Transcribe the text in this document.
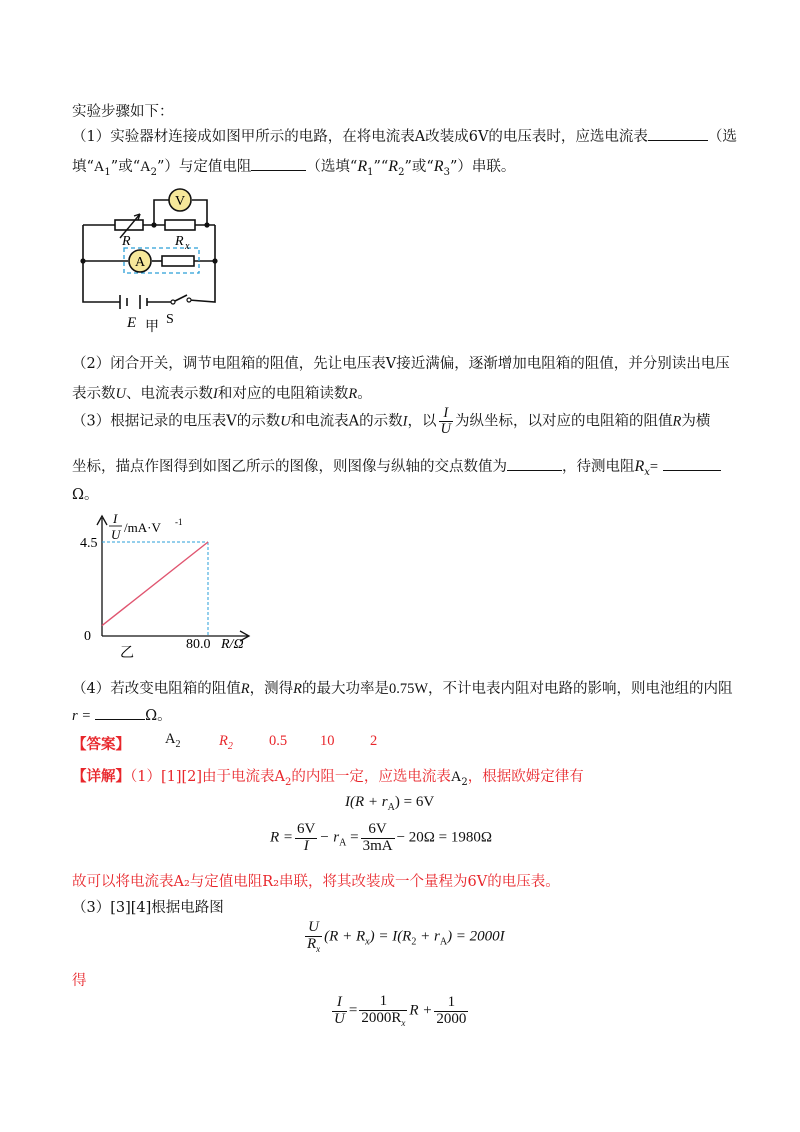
实验步骤如下：
（1）实验器材连接成如图甲所示的电路，在将电流表A改装成6V的电压表时，应选电流表	（选
填“$A_1$”或“$A_2$”）与定值电阻	（选填“$R_1”“R_2$”或“$R_3$”）串联。
V
A
R	R x
E 甲
S
（2）闭合开关，调节电阻箱的阻值，先让电压表V接近满偏，逐渐增加电阻箱的阻值，并分别读出电压
表示数U、电流表示数I和对应的电阻箱读数R。
（3）根据记录的电压表V的示数U和电流表A的示数I，以 $\frac{I}{U}$ 为纵坐标，以对应的电阻箱的阻值R为横
坐标，描点作图得到如图乙所示的图像，则图像与纵轴的交点数值为	，待测电阻$R_x=$
Ω。
I
U /mA·V -1
4.5
0
80.0 R/Ω
乙
（4）若改变电阻箱的阻值R，测得R的最大功率是0.75W，不计电表内阻对电路的影响，则电池组的内阻
r =	Ω。
【答案】 $A_2$	$R_2$ 0.5 10 2
【详解】（1）[1][2]由于电流表$A_2$的内阻一定，应选电流表$A_2$，根据欧姆定律有
$I(R + r_A) = 6V$
$R = \frac{6V}{I} - r_A = \frac{6V}{3mA} - 20\Omega = 1980\Omega$
故可以将电流表A₂与定值电阻R₂串联，将其改装成一个量程为6V的电压表。
（3）[3][4]根据电路图
$\frac{U}{R_x} (R + R_x) = I(R_2 + r_A) = 2000I$
得
$\frac{I}{U} = \frac{1}{2000R_x}$ $R + \frac{1}{2000}$
